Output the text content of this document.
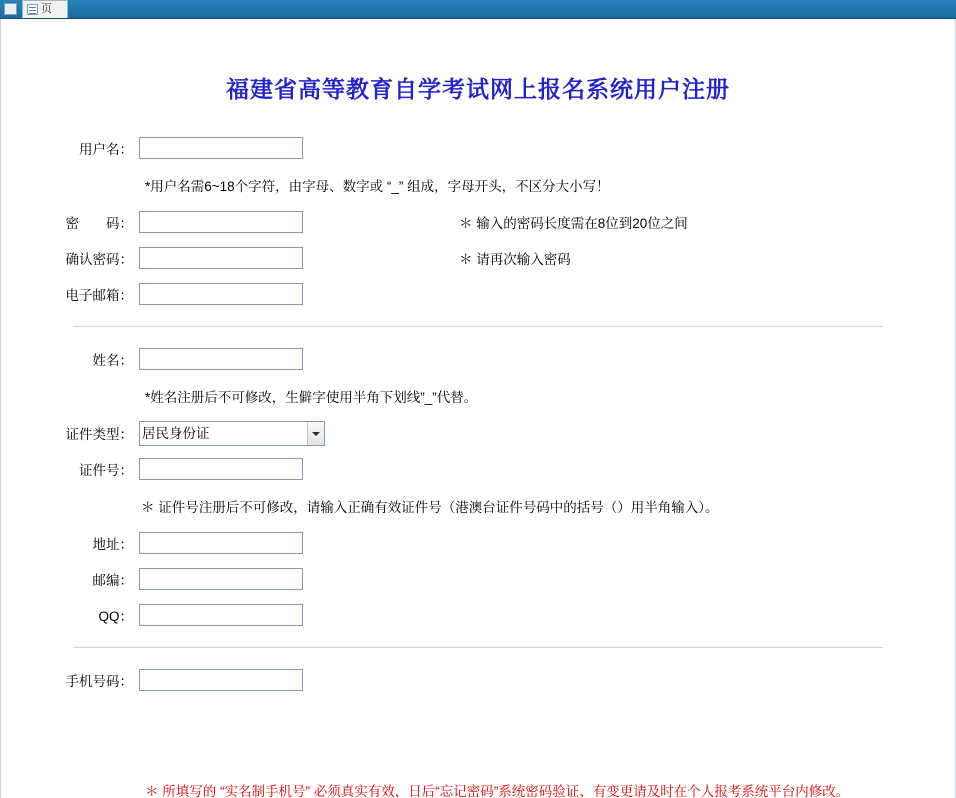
页
福建省高等教育自学考试网上报名系统用户注册
用户名：
*用户名需6~18个字符，由字母、数字或 “_” 组成，字母开头，不区分大小写！
密　　码：	＊ 输入的密码长度需在8位到20位之间
确认密码：	＊ 请再次输入密码
电子邮箱：
姓名：
*姓名注册后不可修改，生僻字使用半角下划线”_”代替。
证件类型：
居民身份证
证件号：
＊ 证件号注册后不可修改，请输入正确有效证件号（港澳台证件号码中的括号（）用半角输入）。
地址：
邮编：
QQ：
手机号码：
＊ 所填写的 “实名制手机号” 必须真实有效，日后“忘记密码”系统密码验证、有变更请及时在个人报考系统平台内修改。
